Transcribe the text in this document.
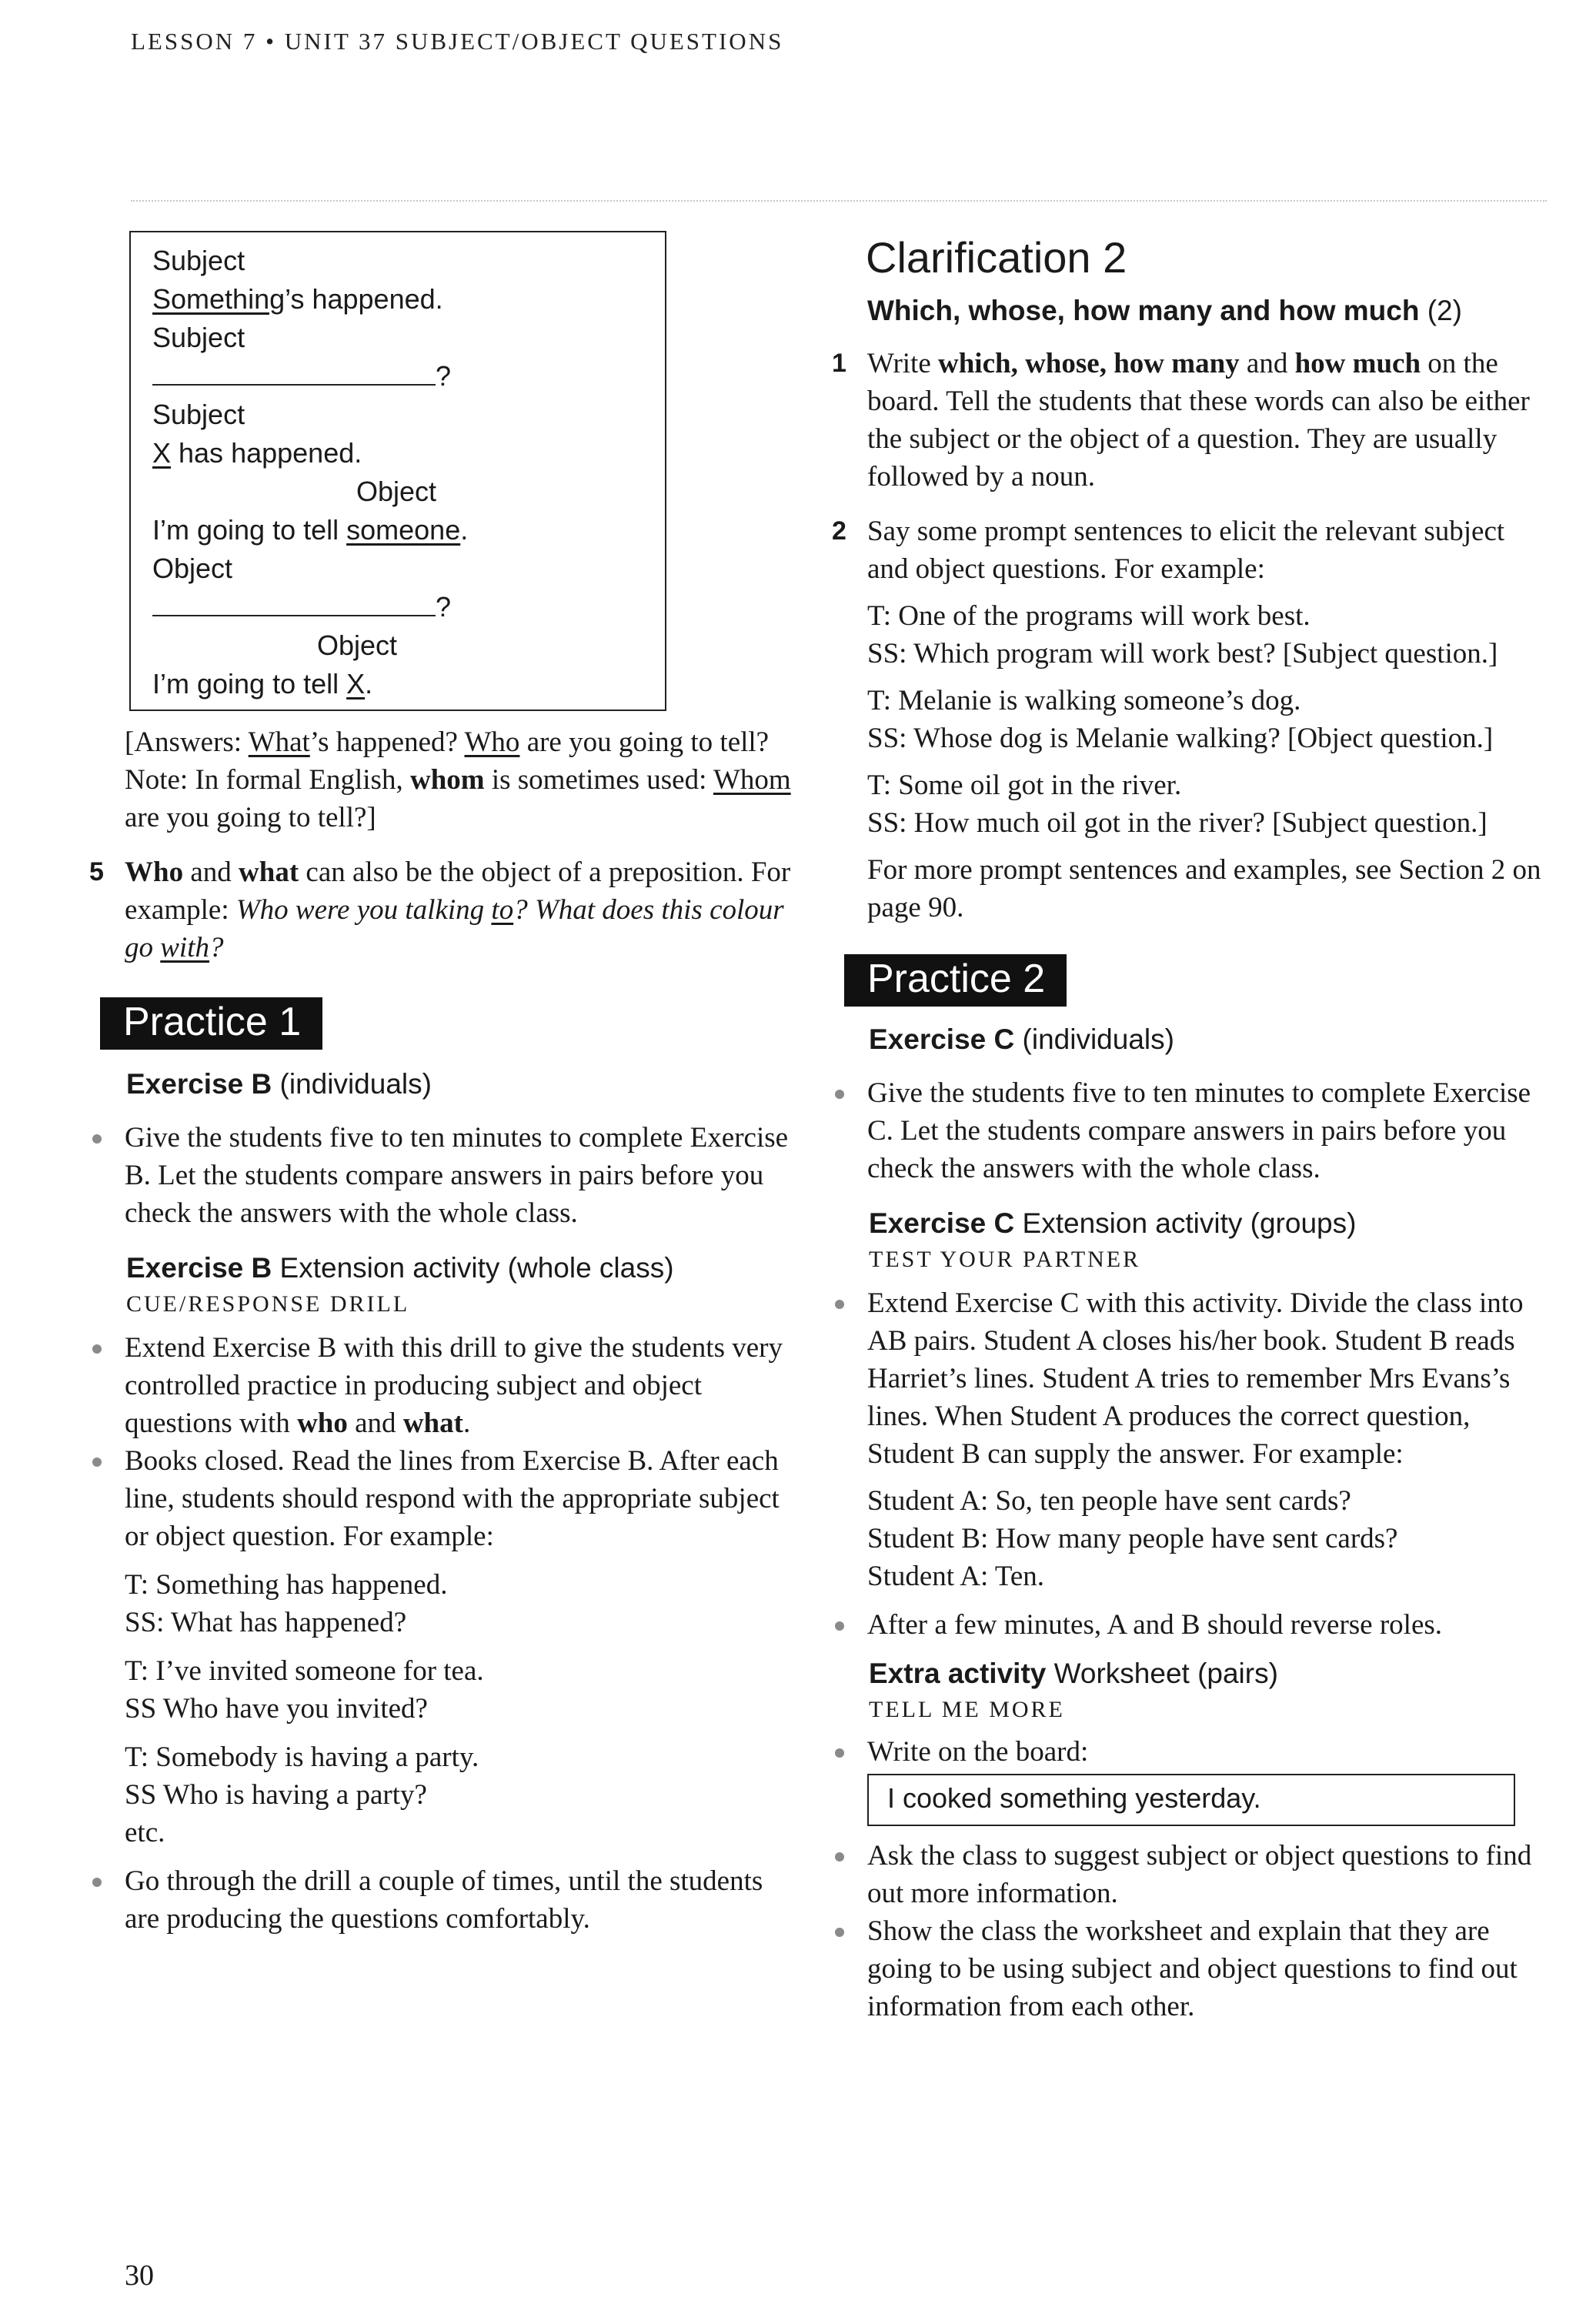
LESSON 7 • UNIT 37 SUBJECT/OBJECT QUESTIONS
Subject
Something’s happened.
Subject
?
Subject
X has happened.
Object
I’m going to tell someone.
Object
?
Object
I’m going to tell X.

[Answers: What’s happened? Who are you going to tell? Note: In formal English, whom is sometimes used: Whom are you going to tell?]

5 Who and what can also be the object of a preposition. For example: Who were you talking to? What does this colour go with?

Practice 1

Exercise B (individuals)

Give the students five to ten minutes to complete Exercise B. Let the students compare answers in pairs before you check the answers with the whole class.

Exercise B Extension activity (whole class)

CUE/RESPONSE DRILL

Extend Exercise B with this drill to give the students very controlled practice in producing subject and object questions with who and what.

Books closed. Read the lines from Exercise B. After each line, students should respond with the appropriate subject or object question. For example:

T: Something has happened.

SS: What has happened?

T: I’ve invited someone for tea.

SS Who have you invited?

T: Somebody is having a party.

SS Who is having a party?

etc.

Go through the drill a couple of times, until the students are producing the questions comfortably.

Clarification 2
Which, whose, how many and how much (2)

1 Write which, whose, how many and how much on the board. Tell the students that these words can also be either the subject or the object of a question. They are usually followed by a noun.

2 Say some prompt sentences to elicit the relevant subject and object questions. For example:

T: One of the programs will work best.

SS: Which program will work best? [Subject question.]

T: Melanie is walking someone’s dog.

SS: Whose dog is Melanie walking? [Object question.]

T: Some oil got in the river.

SS: How much oil got in the river? [Subject question.]

For more prompt sentences and examples, see Section 2 on page 90.

Practice 2

Exercise C (individuals)

Give the students five to ten minutes to complete Exercise C. Let the students compare answers in pairs before you check the answers with the whole class.

Exercise C Extension activity (groups)

TEST YOUR PARTNER

Extend Exercise C with this activity. Divide the class into AB pairs. Student A closes his/her book. Student B reads Harriet’s lines. Student A tries to remember Mrs Evans’s lines. When Student A produces the correct question, Student B can supply the answer. For example:

Student A: So, ten people have sent cards?

Student B: How many people have sent cards?

Student A: Ten.

After a few minutes, A and B should reverse roles.

Extra activity Worksheet (pairs)

TELL ME MORE

Write on the board:

I cooked something yesterday.

Ask the class to suggest subject or object questions to find out more information.

Show the class the worksheet and explain that they are going to be using subject and object questions to find out information from each other.

30
